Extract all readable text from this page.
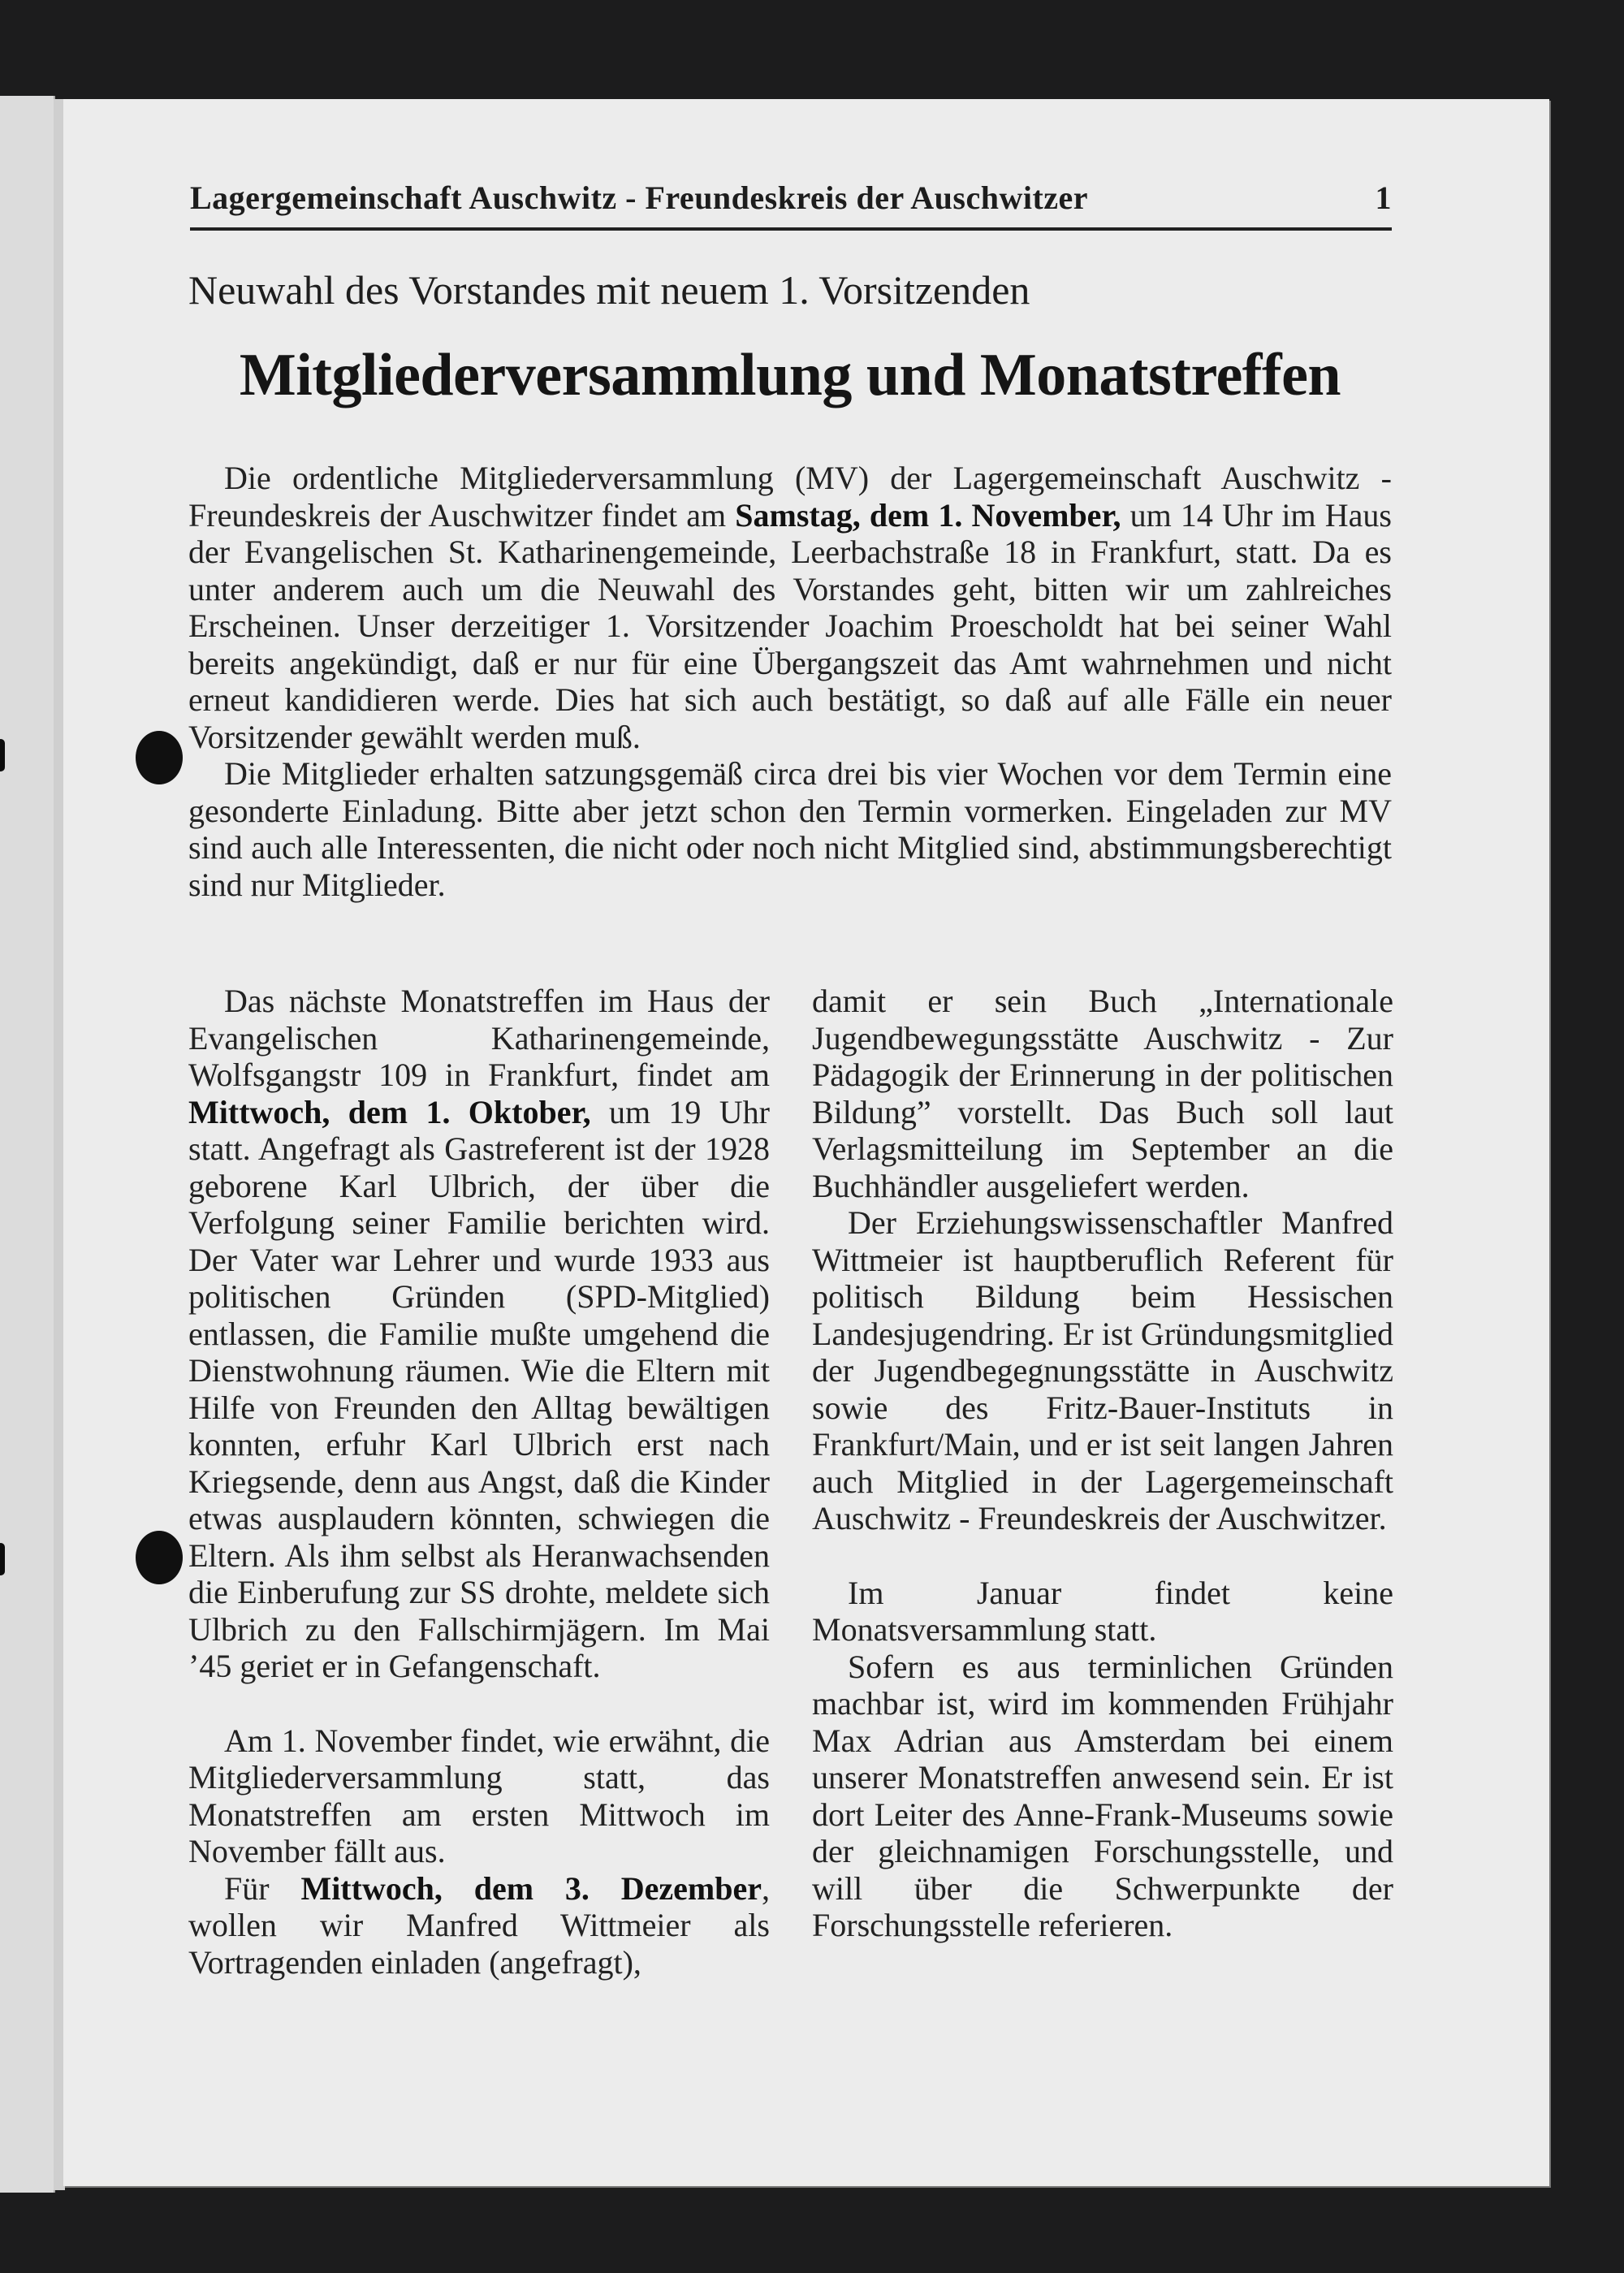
Lagergemeinschaft Auschwitz - Freundeskreis der Auschwitzer	1
Neuwahl des Vorstandes mit neuem 1. Vorsitzenden
Mitgliederversammlung und Monatstreffen

Die ordentliche Mitgliederversammlung (MV) der Lagergemeinschaft Auschwitz - Freundeskreis der Auschwitzer findet am Samstag, dem 1. November, um 14 Uhr im Haus der Evangelischen St. Katharinengemeinde, Leerbachstraße 18 in Frankfurt, statt. Da es unter anderem auch um die Neuwahl des Vorstandes geht, bitten wir um zahlreiches Erscheinen. Unser derzeitiger 1. Vorsitzender Joachim Proescholdt hat bei seiner Wahl bereits angekündigt, daß er nur für eine Übergangszeit das Amt wahrnehmen und nicht erneut kandidieren werde. Dies hat sich auch bestätigt, so daß auf alle Fälle ein neuer Vorsitzender gewählt werden muß.

Die Mitglieder erhalten satzungsgemäß circa drei bis vier Wochen vor dem Termin eine gesonderte Einladung. Bitte aber jetzt schon den Termin vormerken. Eingeladen zur MV sind auch alle Interessenten, die nicht oder noch nicht Mitglied sind, abstimmungsberechtigt sind nur Mitglieder.

Das nächste Monatstreffen im Haus der Evangelischen Katharinengemeinde, Wolfsgangstr 109 in Frankfurt, findet am Mittwoch, dem 1. Oktober, um 19 Uhr statt. Angefragt als Gastreferent ist der 1928 geborene Karl Ulbrich, der über die Verfolgung seiner Familie berichten wird. Der Vater war Lehrer und wurde 1933 aus politischen Gründen (SPD-Mitglied) entlassen, die Familie mußte umgehend die Dienstwohnung räumen. Wie die Eltern mit Hilfe von Freunden den Alltag bewältigen konnten, erfuhr Karl Ulbrich erst nach Kriegsende, denn aus Angst, daß die Kinder etwas ausplaudern könnten, schwiegen die Eltern. Als ihm selbst als Heranwachsenden die Einberufung zur SS drohte, meldete sich Ulbrich zu den Fallschirmjägern. Im Mai ’45 geriet er in Gefangenschaft.

Am 1. November findet, wie erwähnt, die Mitgliederversammlung statt, das Monatstreffen am ersten Mittwoch im November fällt aus.

Für Mittwoch, dem 3. Dezember, wollen wir Manfred Wittmeier als Vortragenden einladen (angefragt),

damit er sein Buch „Internationale Jugendbewegungsstätte Auschwitz - Zur Pädagogik der Erinnerung in der politischen Bildung” vorstellt. Das Buch soll laut Verlagsmitteilung im September an die Buchhändler ausgeliefert werden.

Der Erziehungswissenschaftler Manfred Wittmeier ist hauptberuflich Referent für politisch Bildung beim Hessischen Landesjugendring. Er ist Gründungsmitglied der Jugendbegegnungsstätte in Auschwitz sowie des Fritz-Bauer-Instituts in Frankfurt/Main, und er ist seit langen Jahren auch Mitglied in der Lagergemeinschaft Auschwitz - Freundeskreis der Auschwitzer.

Im Januar findet keine Monatsversammlung statt.

Sofern es aus terminlichen Gründen machbar ist, wird im kommenden Frühjahr Max Adrian aus Amsterdam bei einem unserer Monatstreffen anwesend sein. Er ist dort Leiter des Anne-Frank-Museums sowie der gleichnamigen Forschungsstelle, und will über die Schwerpunkte der Forschungsstelle referieren.
